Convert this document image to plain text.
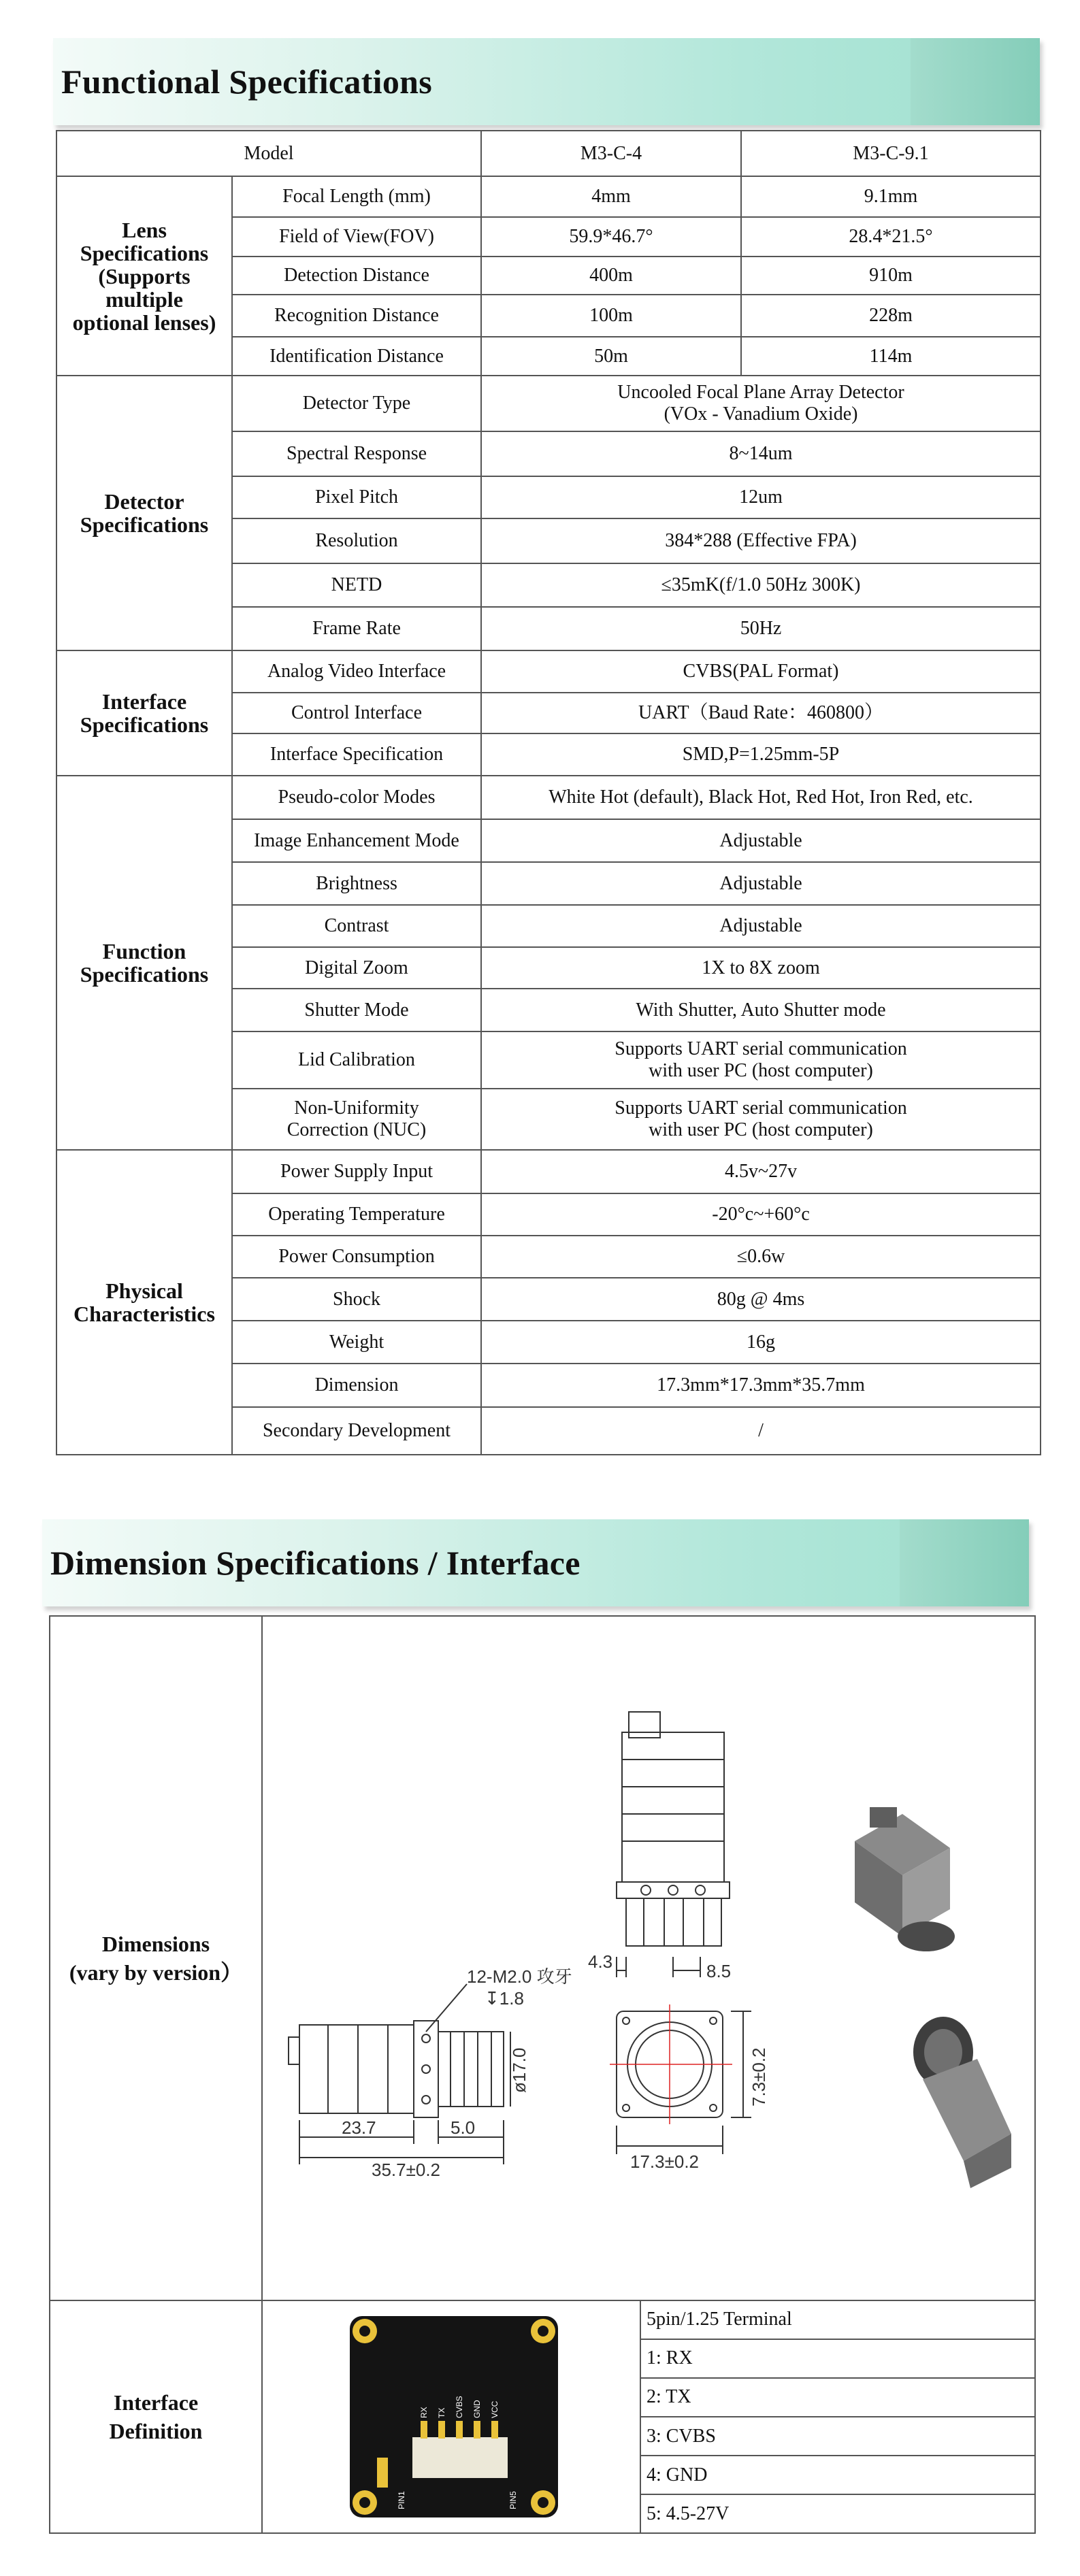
Functional Specifications
Model		M3-C-4	M3-C-9.1
Lens
Specifications
(Supports
multiple
optional lenses)	Focal Length (mm)	4mm	9.1mm
	Field of View(FOV)	59.9*46.7°	28.4*21.5°
	Detection Distance	400m	910m
	Recognition Distance	100m	228m
	Identification Distance	50m	114m
Detector
Specifications	Detector Type	Uncooled Focal Plane Array Detector
(VOx - Vanadium Oxide)	
	Spectral Response	8~14um	
	Pixel Pitch	12um	
	Resolution	384*288 (Effective FPA)	
	NETD	≤35mK(f/1.0 50Hz 300K)	
	Frame Rate	50Hz	
Interface
Specifications	Analog Video Interface	CVBS(PAL Format)	
	Control Interface	UART（Baud Rate：460800）	
	Interface Specification	SMD,P=1.25mm-5P	
Function
Specifications	Pseudo-color Modes	White Hot (default), Black Hot, Red Hot, Iron Red, etc.	
	Image Enhancement Mode	Adjustable	
	Brightness	Adjustable	
	Contrast	Adjustable	
	Digital Zoom	1X to 8X zoom	
	Shutter Mode	With Shutter, Auto Shutter mode	
	Lid Calibration	Supports UART serial communication
with user PC (host computer)	
	Non-Uniformity
Correction (NUC)	Supports UART serial communication
with user PC (host computer)	
Physical
Characteristics	Power Supply Input	4.5v~27v	
	Operating Temperature	-20°c~+60°c	
	Power Consumption	≤0.6w	
	Shock	80g @ 4ms	
	Weight	16g	
	Dimension	17.3mm*17.3mm*35.7mm	
	Secondary Development	/	
Dimension Specifications / Interface
Dimensions
(vary by version）	4.3	8.5
12-M2.0 攻牙
↧1.8
23.7	5.0
35.7±0.2
ø17.0
17.3±0.2
7.3±0.2

Interface
Definition	
RX TX CVBS GND VCC
PIN1	PIN5
5pin/1.25 Terminal
1: RX
2: TX
3: CVBS
4: GND
5: 4.5-27V
